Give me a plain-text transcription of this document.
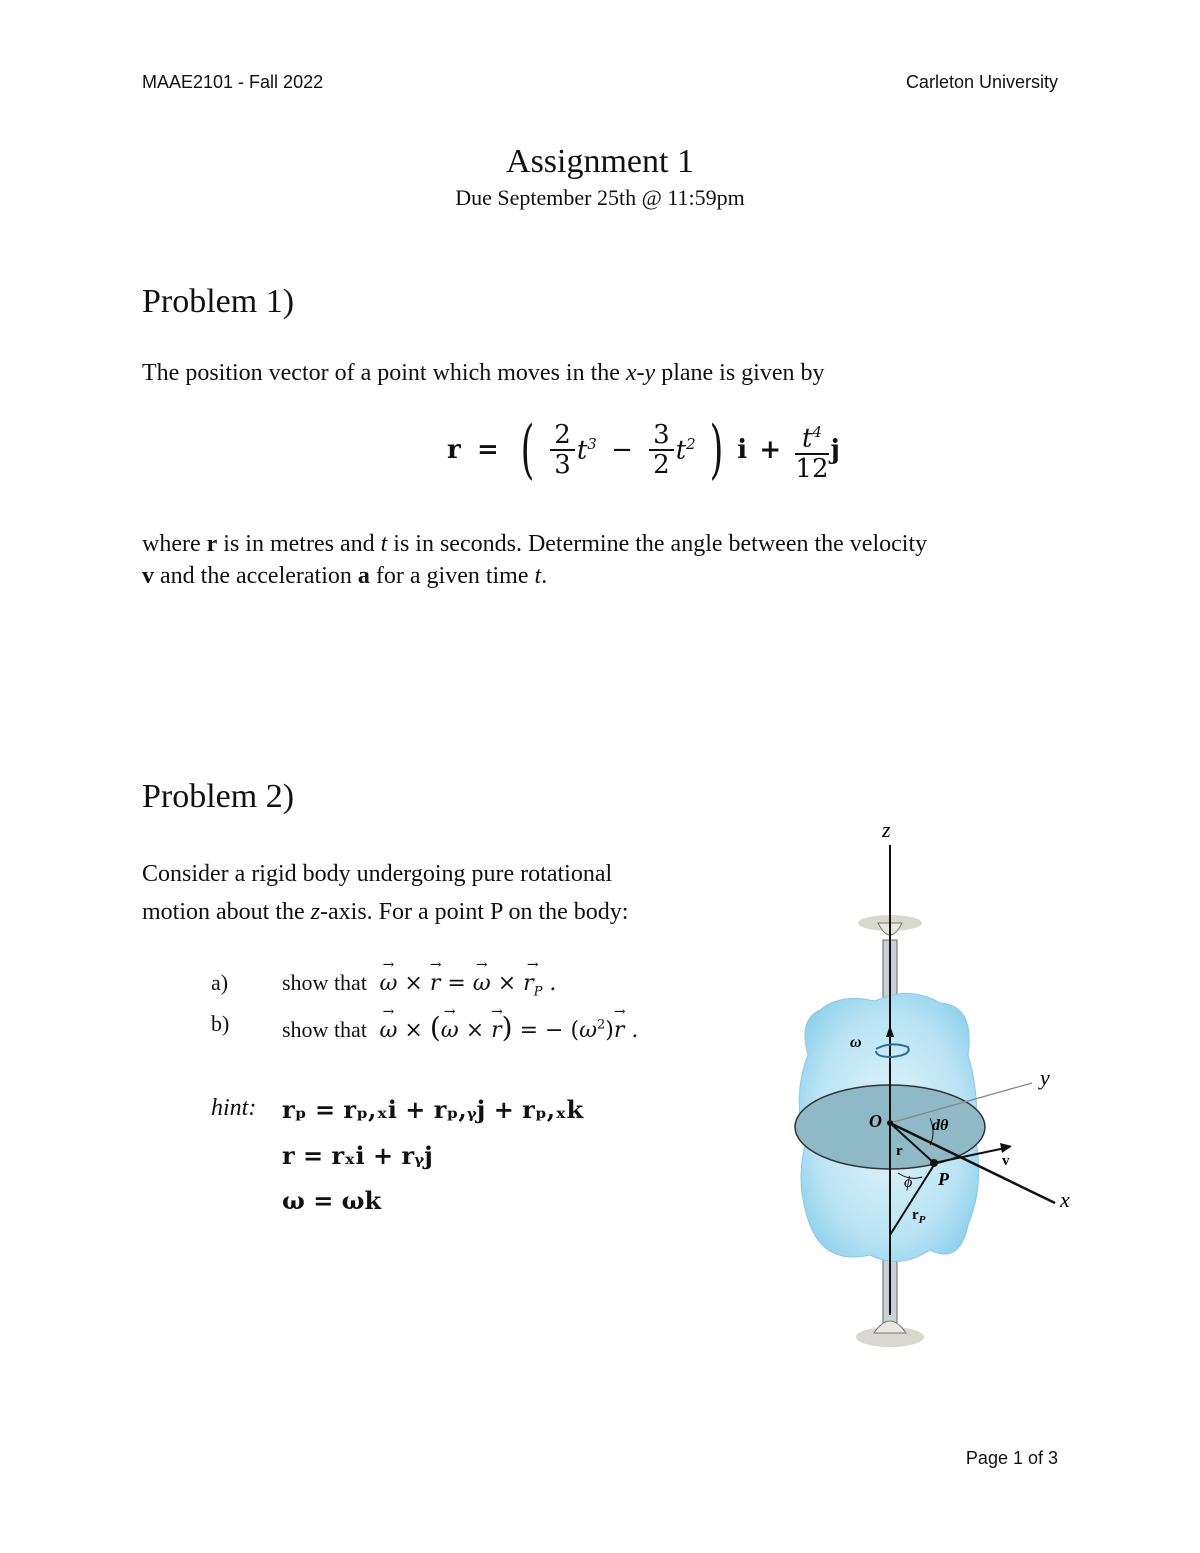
MAAE2101 - Fall 2022	Carleton University
Assignment 1
Due September 25th @ 11:59pm
Problem 1)
The position vector of a point which moves in the x-y plane is given by
r = ( $\frac{2}{3} t^3 - \frac{3}{2} t^2$ ) $i + \frac{t^4}{12}$ j
where r is in metres and t is in seconds. Determine the angle between the velocity
v and the acceleration a for a given time t.
Problem 2)
Consider a rigid body undergoing pure rotational
motion about the z-axis. For a point P on the body:
a) show that ω → × r → = ω → × $r_P$ → .
b) show that ω → × (ω → × r →) = − $(\omega^2)r$ → .
hint: rₚ = rₚ,ₓi + rₚ,ᵧj + rₚ,ₓk
r = rₓi + rᵧj
ω = ωk
z
y
x
O
P
ω
dθ
r
v
ϕ
$r_P$
Page 1 of 3
